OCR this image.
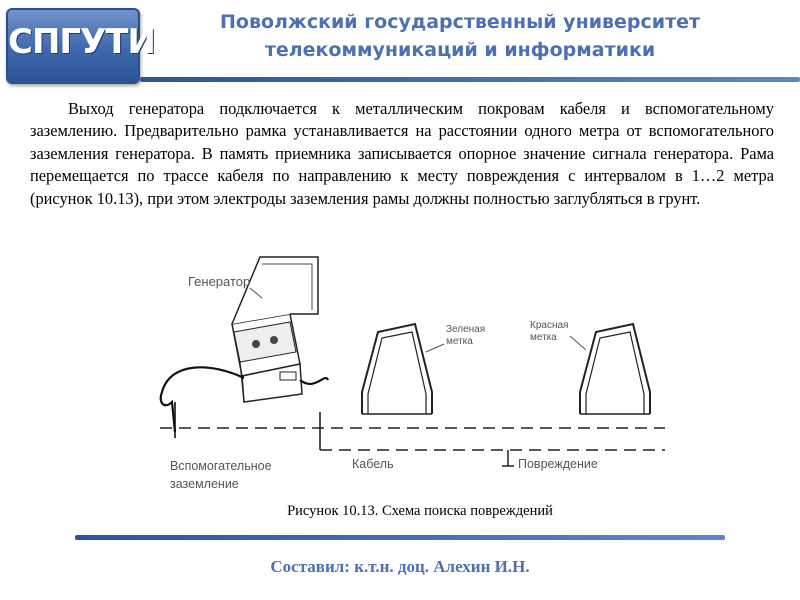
СПГУТИ	Поволжский государственный университет
телекоммуникаций и информатики
Выход генератора подключается к металлическим покровам кабеля и вспомогательному заземлению. Предварительно рамка устанавливается на расстоянии одного метра от вспомогательного заземления генератора. В память приемника записывается опорное значение сигнала генератора. Рама перемещается по трассе кабеля по направлению к месту повреждения с интервалом в 1…2 метра (рисунок 10.13), при этом электроды заземления рамы должны полностью заглубляться в грунт.
Генератор
Вспомогательное
заземление
Зеленая
метка
Красная
метка
Кабель	Повреждение
Рисунок 10.13. Схема поиска повреждений
Составил: к.т.н. доц. Алехин И.Н.
